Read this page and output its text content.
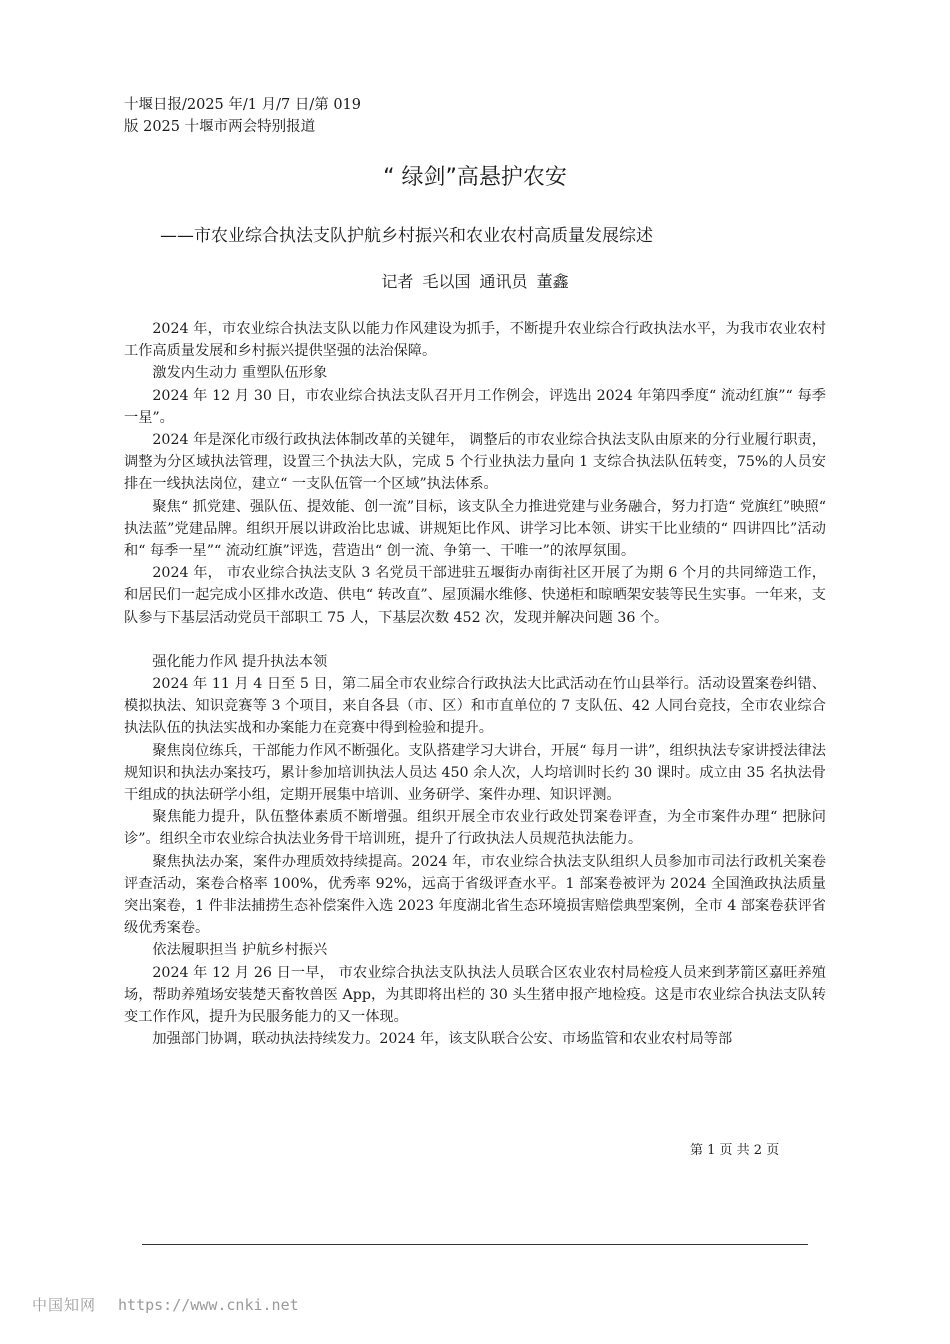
十堰日报/2025 年/1 月/7 日/第 019
版 2025 十堰市两会特别报道
“ 绿剑”高悬护农安
——市农业综合执法支队护航乡村振兴和农业农村高质量发展综述
记者 毛以国 通讯员 董鑫

2024 年，市农业综合执法支队以能力作风建设为抓手，不断提升农业综合行政执法水平，为我市农业农村工作高质量发展和乡村振兴提供坚强的法治保障。

激发内生动力 重塑队伍形象

2024 年 12 月 30 日，市农业综合执法支队召开月工作例会，评选出 2024 年第四季度“ 流动红旗”“ 每季一星”。

2024 年是深化市级行政执法体制改革的关键年， 调整后的市农业综合执法支队由原来的分行业履行职责，调整为分区域执法管理，设置三个执法大队，完成 5 个行业执法力量向 1 支综合执法队伍转变，75%的人员安排在一线执法岗位，建立“ 一支队伍管一个区域”执法体系。

聚焦“ 抓党建、强队伍、提效能、创一流”目标，该支队全力推进党建与业务融合，努力打造“ 党旗红”映照“ 执法蓝”党建品牌。组织开展以讲政治比忠诚、讲规矩比作风、讲学习比本领、讲实干比业绩的“ 四讲四比”活动和“ 每季一星”“ 流动红旗”评选，营造出“ 创一流、争第一、干唯一”的浓厚氛围。

2024 年， 市农业综合执法支队 3 名党员干部进驻五堰街办南街社区开展了为期 6 个月的共同缔造工作，和居民们一起完成小区排水改造、供电“ 转改直”、屋顶漏水维修、快递柜和晾晒架安装等民生实事。一年来，支队参与下基层活动党员干部职工 75 人，下基层次数 452 次，发现并解决问题 36 个。

强化能力作风 提升执法本领

2024 年 11 月 4 日至 5 日，第二届全市农业综合行政执法大比武活动在竹山县举行。活动设置案卷纠错、模拟执法、知识竞赛等 3 个项目，来自各县（市、区）和市直单位的 7 支队伍、42 人同台竞技，全市农业综合执法队伍的执法实战和办案能力在竞赛中得到检验和提升。

聚焦岗位练兵，干部能力作风不断强化。支队搭建学习大讲台，开展“ 每月一讲”，组织执法专家讲授法律法规知识和执法办案技巧，累计参加培训执法人员达 450 余人次，人均培训时长约 30 课时。成立由 35 名执法骨干组成的执法研学小组，定期开展集中培训、业务研学、案件办理、知识评测。

聚焦能力提升，队伍整体素质不断增强。组织开展全市农业行政处罚案卷评查，为全市案件办理“ 把脉问诊”。组织全市农业综合执法业务骨干培训班，提升了行政执法人员规范执法能力。

聚焦执法办案，案件办理质效持续提高。2024 年，市农业综合执法支队组织人员参加市司法行政机关案卷评查活动，案卷合格率 100%，优秀率 92%，远高于省级评查水平。1 部案卷被评为 2024 全国渔政执法质量突出案卷，1 件非法捕捞生态补偿案件入选 2023 年度湖北省生态环境损害赔偿典型案例，全市 4 部案卷获评省级优秀案卷。

依法履职担当 护航乡村振兴

2024 年 12 月 26 日一早， 市农业综合执法支队执法人员联合区农业农村局检疫人员来到茅箭区嘉旺养殖场，帮助养殖场安装楚天畜牧兽医 App，为其即将出栏的 30 头生猪申报产地检疫。这是市农业综合执法支队转变工作作风，提升为民服务能力的又一体现。

加强部门协调，联动执法持续发力。2024 年，该支队联合公安、市场监管和农业农村局等部

第 1 页 共 2 页
中国知网 https://www.cnki.net
